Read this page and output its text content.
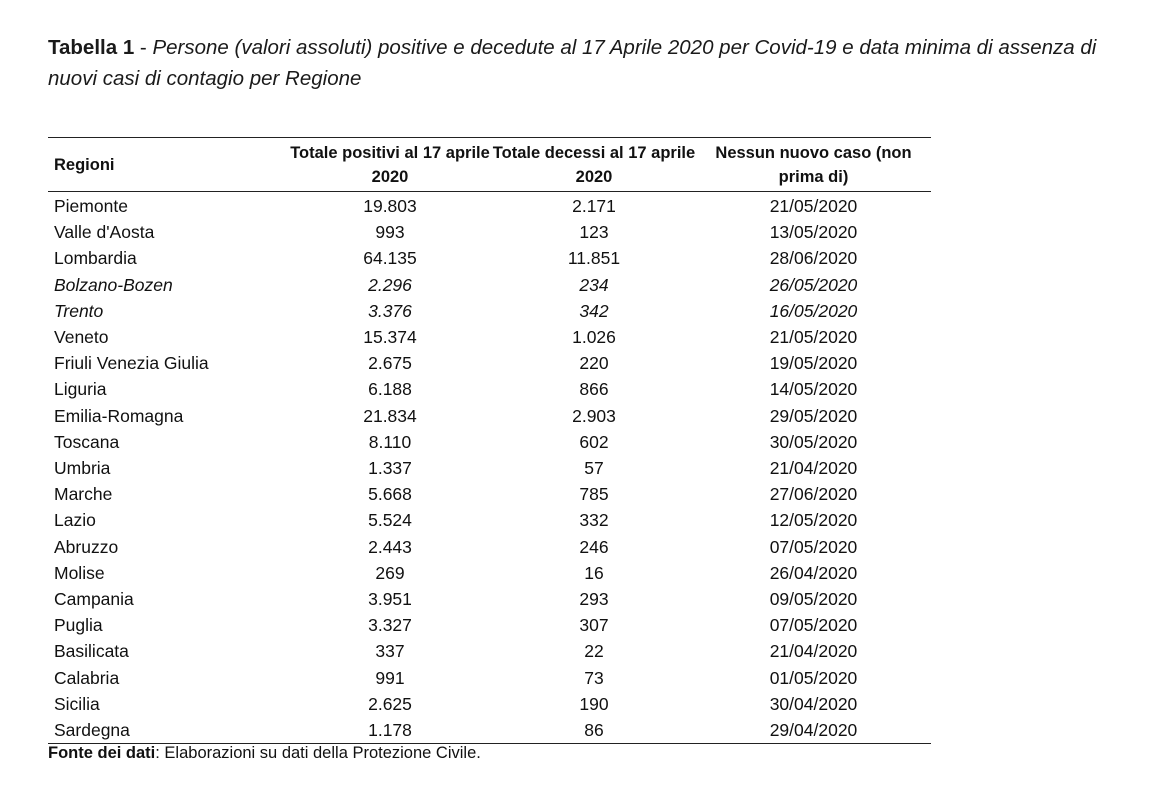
Tabella 1 - Persone (valori assoluti) positive e decedute al 17 Aprile 2020 per Covid-19 e data minima di assenza di nuovi casi di contagio per Regione
Regioni	Totale positivi al 17 aprile 2020	Totale decessi al 17 aprile 2020	Nessun nuovo caso (non prima di)
Piemonte	19.803	2.171	21/05/2020
Valle d'Aosta	993	123	13/05/2020
Lombardia	64.135	11.851	28/06/2020
Bolzano-Bozen	2.296	234	26/05/2020
Trento	3.376	342	16/05/2020
Veneto	15.374	1.026	21/05/2020
Friuli Venezia Giulia	2.675	220	19/05/2020
Liguria	6.188	866	14/05/2020
Emilia-Romagna	21.834	2.903	29/05/2020
Toscana	8.110	602	30/05/2020
Umbria	1.337	57	21/04/2020
Marche	5.668	785	27/06/2020
Lazio	5.524	332	12/05/2020
Abruzzo	2.443	246	07/05/2020
Molise	269	16	26/04/2020
Campania	3.951	293	09/05/2020
Puglia	3.327	307	07/05/2020
Basilicata	337	22	21/04/2020
Calabria	991	73	01/05/2020
Sicilia	2.625	190	30/04/2020
Sardegna	1.178	86	29/04/2020
Fonte dei dati: Elaborazioni su dati della Protezione Civile.
